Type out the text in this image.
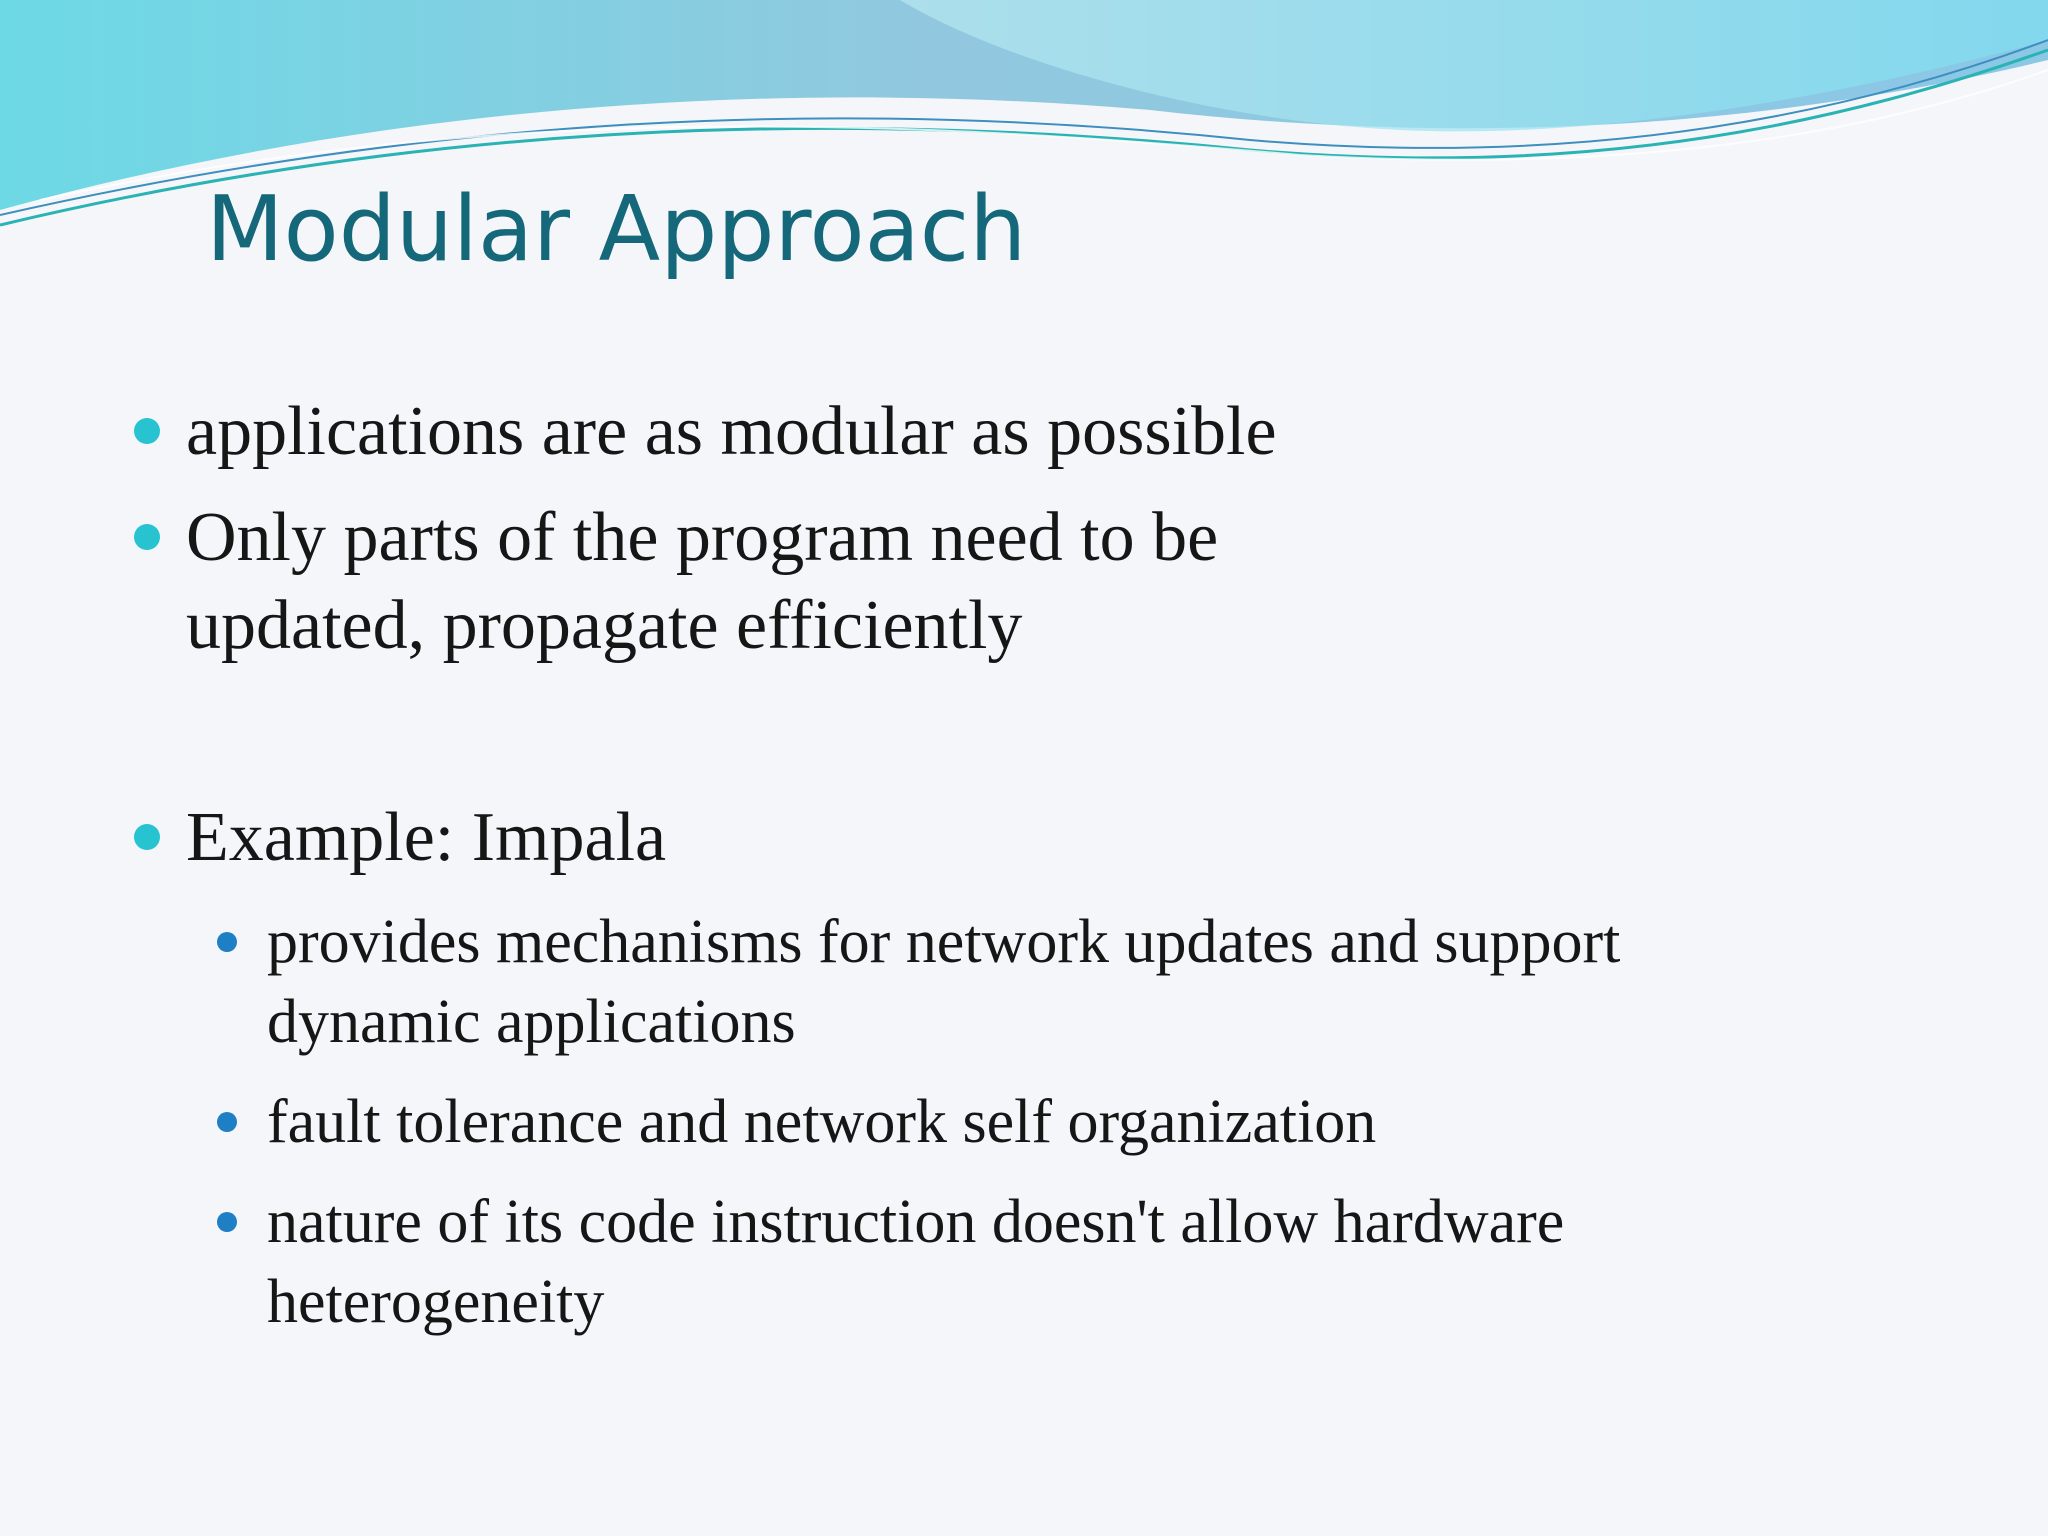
Modular Approach
applications are as modular as possible
Only parts of the program need to be
updated, propagate efficiently
Example: Impala
provides mechanisms for network updates and support
dynamic applications
fault tolerance and network self organization
nature of its code instruction doesn't allow hardware
heterogeneity
